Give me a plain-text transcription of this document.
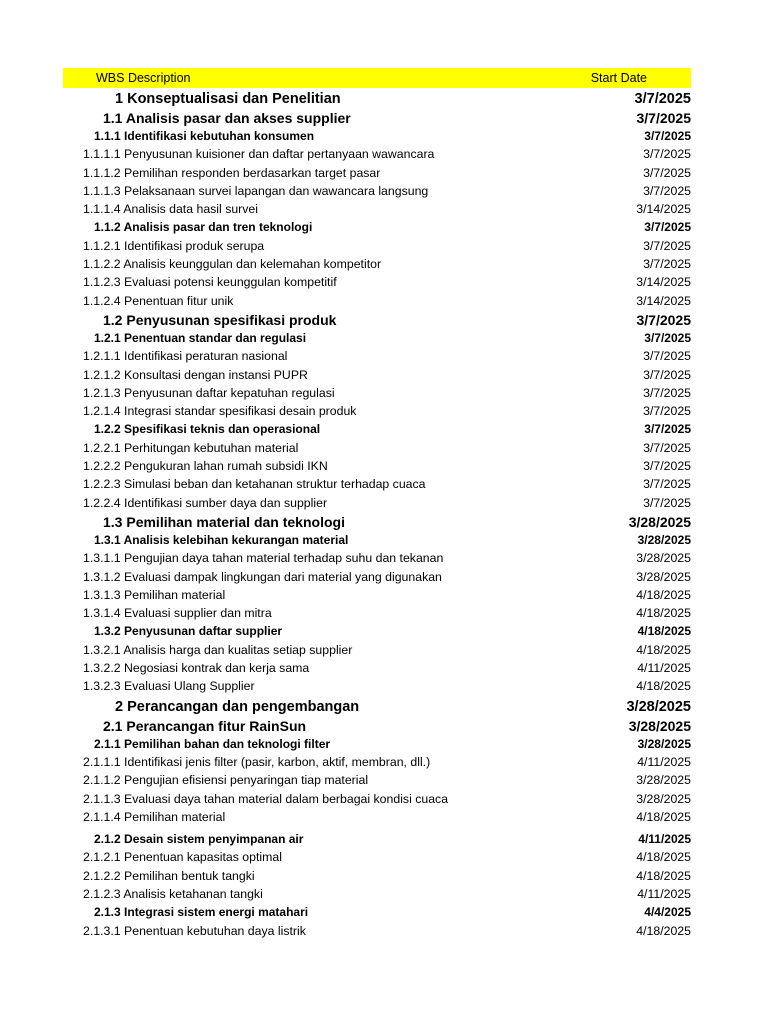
WBS Description	Start Date
1 Konseptualisasi dan Penelitian	3/7/2025
1.1 Analisis pasar dan akses supplier	3/7/2025
1.1.1 Identifikasi kebutuhan konsumen	3/7/2025
1.1.1.1 Penyusunan kuisioner dan daftar pertanyaan wawancara	3/7/2025
1.1.1.2 Pemilihan responden berdasarkan target pasar	3/7/2025
1.1.1.3 Pelaksanaan survei lapangan dan wawancara langsung	3/7/2025
1.1.1.4 Analisis data hasil survei	3/14/2025
1.1.2 Analisis pasar dan tren teknologi	3/7/2025
1.1.2.1 Identifikasi produk serupa	3/7/2025
1.1.2.2 Analisis keunggulan dan kelemahan kompetitor	3/7/2025
1.1.2.3 Evaluasi potensi keunggulan kompetitif	3/14/2025
1.1.2.4 Penentuan fitur unik	3/14/2025
1.2 Penyusunan spesifikasi produk	3/7/2025
1.2.1 Penentuan standar dan regulasi	3/7/2025
1.2.1.1 Identifikasi peraturan nasional	3/7/2025
1.2.1.2 Konsultasi dengan instansi PUPR	3/7/2025
1.2.1.3 Penyusunan daftar kepatuhan regulasi	3/7/2025
1.2.1.4 Integrasi standar spesifikasi desain produk	3/7/2025
1.2.2 Spesifikasi teknis dan operasional	3/7/2025
1.2.2.1 Perhitungan kebutuhan material	3/7/2025
1.2.2.2 Pengukuran lahan rumah subsidi IKN	3/7/2025
1.2.2.3 Simulasi beban dan ketahanan struktur terhadap cuaca	3/7/2025
1.2.2.4 Identifikasi sumber daya dan supplier	3/7/2025
1.3 Pemilihan material dan teknologi	3/28/2025
1.3.1 Analisis kelebihan kekurangan material	3/28/2025
1.3.1.1 Pengujian daya tahan material terhadap suhu dan tekanan	3/28/2025
1.3.1.2 Evaluasi dampak lingkungan dari material yang digunakan	3/28/2025
1.3.1.3 Pemilihan material	4/18/2025
1.3.1.4 Evaluasi supplier dan mitra	4/18/2025
1.3.2 Penyusunan daftar supplier	4/18/2025
1.3.2.1 Analisis harga dan kualitas setiap supplier	4/18/2025
1.3.2.2 Negosiasi kontrak dan kerja sama	4/11/2025
1.3.2.3 Evaluasi Ulang Supplier	4/18/2025
2 Perancangan dan pengembangan	3/28/2025
2.1 Perancangan fitur RainSun	3/28/2025
2.1.1 Pemilihan bahan dan teknologi filter	3/28/2025
2.1.1.1 Identifikasi jenis filter (pasir, karbon, aktif, membran, dll.)	4/11/2025
2.1.1.2 Pengujian efisiensi penyaringan tiap material	3/28/2025
2.1.1.3 Evaluasi daya tahan material dalam berbagai kondisi cuaca	3/28/2025
2.1.1.4 Pemilihan material	4/18/2025
2.1.2 Desain sistem penyimpanan air	4/11/2025
2.1.2.1 Penentuan kapasitas optimal	4/18/2025
2.1.2.2 Pemilihan bentuk tangki	4/18/2025
2.1.2.3 Analisis ketahanan tangki	4/11/2025
2.1.3 Integrasi sistem energi matahari	4/4/2025
2.1.3.1 Penentuan kebutuhan daya listrik	4/18/2025
